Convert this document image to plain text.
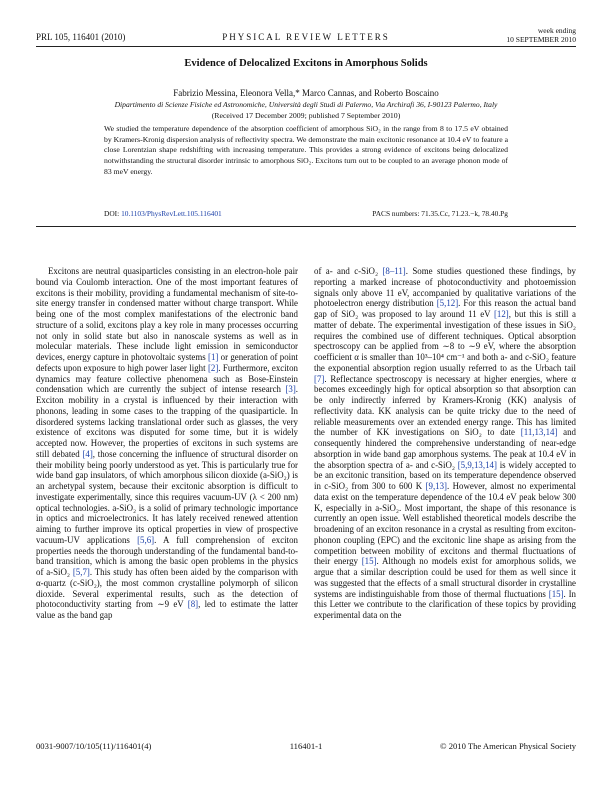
PRL 105, 116401 (2010)	PHYSICAL REVIEW LETTERS
week ending
10 SEPTEMBER 2010
Evidence of Delocalized Excitons in Amorphous Solids
Fabrizio Messina, Eleonora Vella,* Marco Cannas, and Roberto Boscaino
Dipartimento di Scienze Fisiche ed Astronomiche, Università degli Studi di Palermo, Via Archirafi 36, I-90123 Palermo, Italy
(Received 17 December 2009; published 7 September 2010)
We studied the temperature dependence of the absorption coefficient of amorphous SiO₂ in the range from 8 to 17.5 eV obtained by Kramers-Kronig dispersion analysis of reflectivity spectra. We demonstrate the main excitonic resonance at 10.4 eV to feature a close Lorentzian shape redshifting with increasing temperature. This provides a strong evidence of excitons being delocalized notwithstanding the structural disorder intrinsic to amorphous SiO₂. Excitons turn out to be coupled to an average phonon mode of 83 meV energy.
DOI: 10.1103/PhysRevLett.105.116401	PACS numbers: 71.35.Cc, 71.23.−k, 78.40.Pg
Excitons are neutral quasiparticles consisting in an electron-hole pair bound via Coulomb interaction. One of the most important features of excitons is their mobility, providing a fundamental mechanism of site-to-site energy transfer in condensed matter without charge transport. While being one of the most complex manifestations of the electronic band structure of a solid, excitons play a key role in many processes occurring not only in solid state but also in nanoscale systems as well as in molecular materials. These include light emission in semiconductor devices, energy capture in photovoltaic systems [1] or generation of point defects upon exposure to high power laser light [2]. Furthermore, exciton dynamics may feature collective phenomena such as Bose-Einstein condensation which are currently the subject of intense research [3]. Exciton mobility in a crystal is influenced by their interaction with phonons, leading in some cases to the trapping of the quasiparticle. In disordered systems lacking translational order such as glasses, the very existence of excitons was disputed for some time, but it is widely accepted now. However, the properties of excitons in such systems are still debated [4], those concerning the influence of structural disorder on their mobility being poorly understood as yet. This is particularly true for wide band gap insulators, of which amorphous silicon dioxide (a-SiO₂) is an archetypal system, because their excitonic absorption is difficult to investigate experimentally, since this requires vacuum-UV (λ < 200 nm) optical technologies. a-SiO₂ is a solid of primary technologic importance in optics and microelectronics. It has lately received renewed attention aiming to further improve its optical properties in view of prospective vacuum-UV applications [5,6]. A full comprehension of exciton properties needs the thorough understanding of the fundamental band-to-band transition, which is among the basic open problems in the physics of a-SiO₂ [5,7]. This study has often been aided by the comparison with α-quartz (c-SiO₂), the most common crystalline polymorph of silicon dioxide. Several experimental results, such as the detection of photoconductivity starting from ∼9 eV [8], led to estimate the latter value as the band gap
of a- and c-SiO₂ [8–11]. Some studies questioned these findings, by reporting a marked increase of photoconductivity and photoemission signals only above 11 eV, accompanied by qualitative variations of the photoelectron energy distribution [5,12]. For this reason the actual band gap of SiO₂ was proposed to lay around 11 eV [12], but this is still a matter of debate. The experimental investigation of these issues in SiO₂ requires the combined use of different techniques. Optical absorption spectroscopy can be applied from ∼8 to ∼9 eV, where the absorption coefficient α is smaller than 10³–10⁴ cm⁻¹ and both a- and c-SiO₂ feature the exponential absorption region usually referred to as the Urbach tail [7]. Reflectance spectroscopy is necessary at higher energies, where α becomes exceedingly high for optical absorption so that absorption can be only indirectly inferred by Kramers-Kronig (KK) analysis of reflectivity data. KK analysis can be quite tricky due to the need of reliable measurements over an extended energy range. This has limited the number of KK investigations on SiO₂ to date [11,13,14] and consequently hindered the comprehensive understanding of near-edge absorption in wide band gap amorphous systems. The peak at 10.4 eV in the absorption spectra of a- and c-SiO₂ [5,9,13,14] is widely accepted to be an excitonic transition, based on its temperature dependence observed in c-SiO₂ from 300 to 600 K [9,13]. However, almost no experimental data exist on the temperature dependence of the 10.4 eV peak below 300 K, especially in a-SiO₂. Most important, the shape of this resonance is currently an open issue. Well established theoretical models describe the broadening of an exciton resonance in a crystal as resulting from exciton-phonon coupling (EPC) and the excitonic line shape as arising from the competition between mobility of excitons and thermal fluctuations of their energy [15]. Although no models exist for amorphous solids, we argue that a similar description could be used for them as well since it was suggested that the effects of a small structural disorder in crystalline systems are indistinguishable from those of thermal fluctuations [15]. In this Letter we contribute to the clarification of these topics by providing experimental data on the
0031-9007/10/105(11)/116401(4)	116401-1	© 2010 The American Physical Society
